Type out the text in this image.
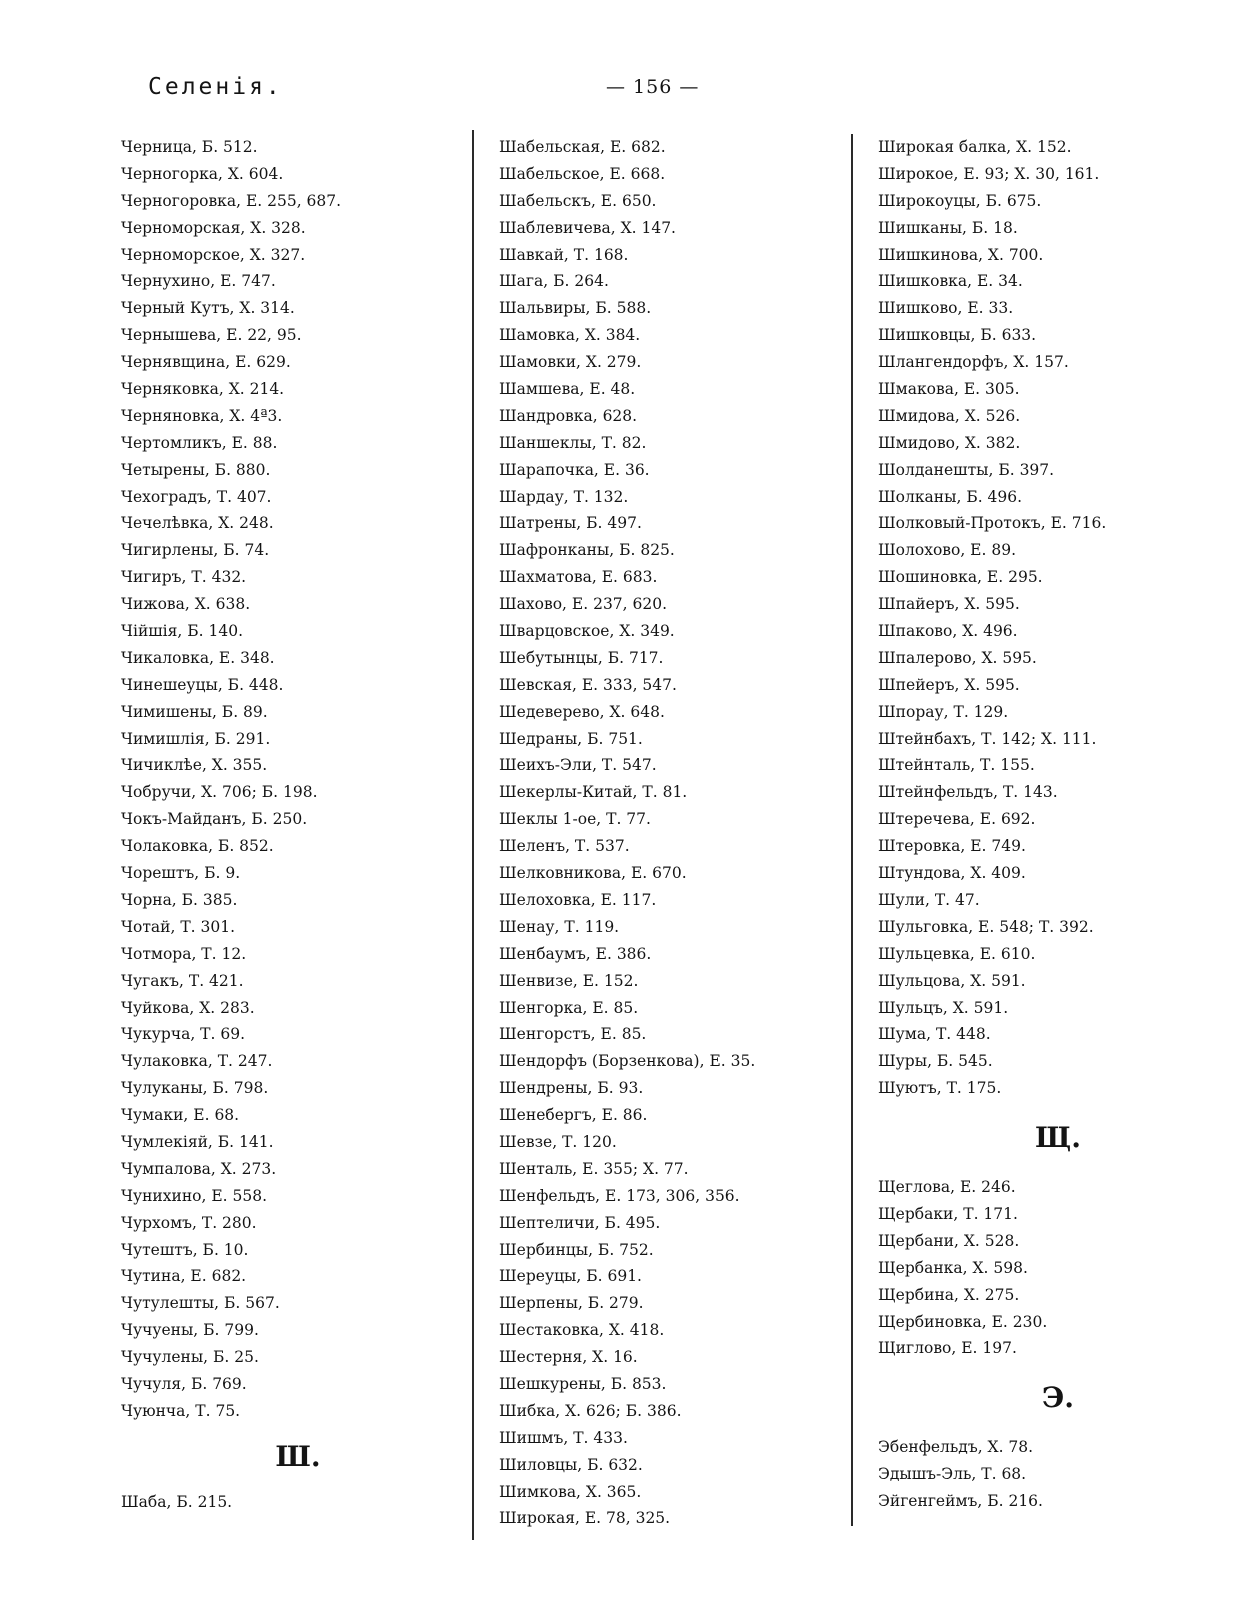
Селенія.	— 156 —
Черница, Б. 512.
Черногорка, Х. 604.
Черногоровка, Е. 255, 687.
Черноморская, Х. 328.
Черноморское, Х. 327.
Чернухино, Е. 747.
Черный Кутъ, Х. 314.
Чернышева, Е. 22, 95.
Чернявщина, Е. 629.
Черняковка, Х. 214.
Черняновка, Х. 4ª3.
Чертомликъ, Е. 88.
Четырены, Б. 880.
Чехоградъ, Т. 407.
Чечелѣвка, Х. 248.
Чигирлены, Б. 74.
Чигиръ, Т. 432.
Чижова, Х. 638.
Чійшія, Б. 140.
Чикаловка, Е. 348.
Чинешеуцы, Б. 448.
Чимишены, Б. 89.
Чимишлія, Б. 291.
Чичиклѣе, Х. 355.
Чобручи, Х. 706; Б. 198.
Чокъ-Майданъ, Б. 250.
Чолаковка, Б. 852.
Чорештъ, Б. 9.
Чорна, Б. 385.
Чотай, Т. 301.
Чотмора, Т. 12.
Чугакъ, Т. 421.
Чуйкова, Х. 283.
Чукурча, Т. 69.
Чулаковка, Т. 247.
Чулуканы, Б. 798.
Чумаки, Е. 68.
Чумлекіяй, Б. 141.
Чумпалова, Х. 273.
Чунихино, Е. 558.
Чурхомъ, Т. 280.
Чутештъ, Б. 10.
Чутина, Е. 682.
Чутулешты, Б. 567.
Чучуены, Б. 799.
Чучулены, Б. 25.
Чучуля, Б. 769.
Чуюнча, Т. 75.
Ш.
Шаба, Б. 215.
Шабельская, Е. 682.
Шабельское, Е. 668.
Шабельскъ, Е. 650.
Шаблевичева, Х. 147.
Шавкай, Т. 168.
Шага, Б. 264.
Шальвиры, Б. 588.
Шамовка, Х. 384.
Шамовки, Х. 279.
Шамшева, Е. 48.
Шандровка, 628.
Шаншеклы, Т. 82.
Шарапочка, Е. 36.
Шардау, Т. 132.
Шатрены, Б. 497.
Шафронканы, Б. 825.
Шахматова, Е. 683.
Шахово, Е. 237, 620.
Шварцовское, Х. 349.
Шебутынцы, Б. 717.
Шевская, Е. 333, 547.
Шедеверево, Х. 648.
Шедраны, Б. 751.
Шеихъ-Эли, Т. 547.
Шекерлы-Китай, Т. 81.
Шеклы 1-ое, Т. 77.
Шеленъ, Т. 537.
Шелковникова, Е. 670.
Шелоховка, Е. 117.
Шенау, Т. 119.
Шенбаумъ, Е. 386.
Шенвизе, Е. 152.
Шенгорка, Е. 85.
Шенгорстъ, Е. 85.
Шендорфъ (Борзенкова), Е. 35.
Шендрены, Б. 93.
Шенебергъ, Е. 86.
Шевзе, Т. 120.
Шенталь, Е. 355; Х. 77.
Шенфельдъ, Е. 173, 306, 356.
Шептеличи, Б. 495.
Шербинцы, Б. 752.
Шереуцы, Б. 691.
Шерпены, Б. 279.
Шестаковка, Х. 418.
Шестерня, Х. 16.
Шешкурены, Б. 853.
Шибка, Х. 626; Б. 386.
Шишмъ, Т. 433.
Шиловцы, Б. 632.
Шимкова, Х. 365.
Широкая, Е. 78, 325.
Широкая балка, Х. 152.
Широкое, Е. 93; Х. 30, 161.
Широкоуцы, Б. 675.
Шишканы, Б. 18.
Шишкинова, Х. 700.
Шишковка, Е. 34.
Шишково, Е. 33.
Шишковцы, Б. 633.
Шлангендорфъ, Х. 157.
Шмакова, Е. 305.
Шмидова, Х. 526.
Шмидово, Х. 382.
Шолданешты, Б. 397.
Шолканы, Б. 496.
Шолковый-Протокъ, Е. 716.
Шолохово, Е. 89.
Шошиновка, Е. 295.
Шпайеръ, Х. 595.
Шпаково, Х. 496.
Шпалерово, Х. 595.
Шпейеръ, Х. 595.
Шпорау, Т. 129.
Штейнбахъ, Т. 142; Х. 111.
Штейнталь, Т. 155.
Штейнфельдъ, Т. 143.
Штеречева, Е. 692.
Штеровка, Е. 749.
Штундова, Х. 409.
Шули, Т. 47.
Шульговка, Е. 548; Т. 392.
Шульцевка, Е. 610.
Шульцова, Х. 591.
Шульцъ, Х. 591.
Шума, Т. 448.
Шуры, Б. 545.
Шуютъ, Т. 175.
Щ.
Щеглова, Е. 246.
Щербаки, Т. 171.
Щербани, Х. 528.
Щербанка, Х. 598.
Щербина, Х. 275.
Щербиновка, Е. 230.
Щиглово, Е. 197.
Э.
Эбенфельдъ, Х. 78.
Эдышъ-Эль, Т. 68.
Эйгенгеймъ, Б. 216.
